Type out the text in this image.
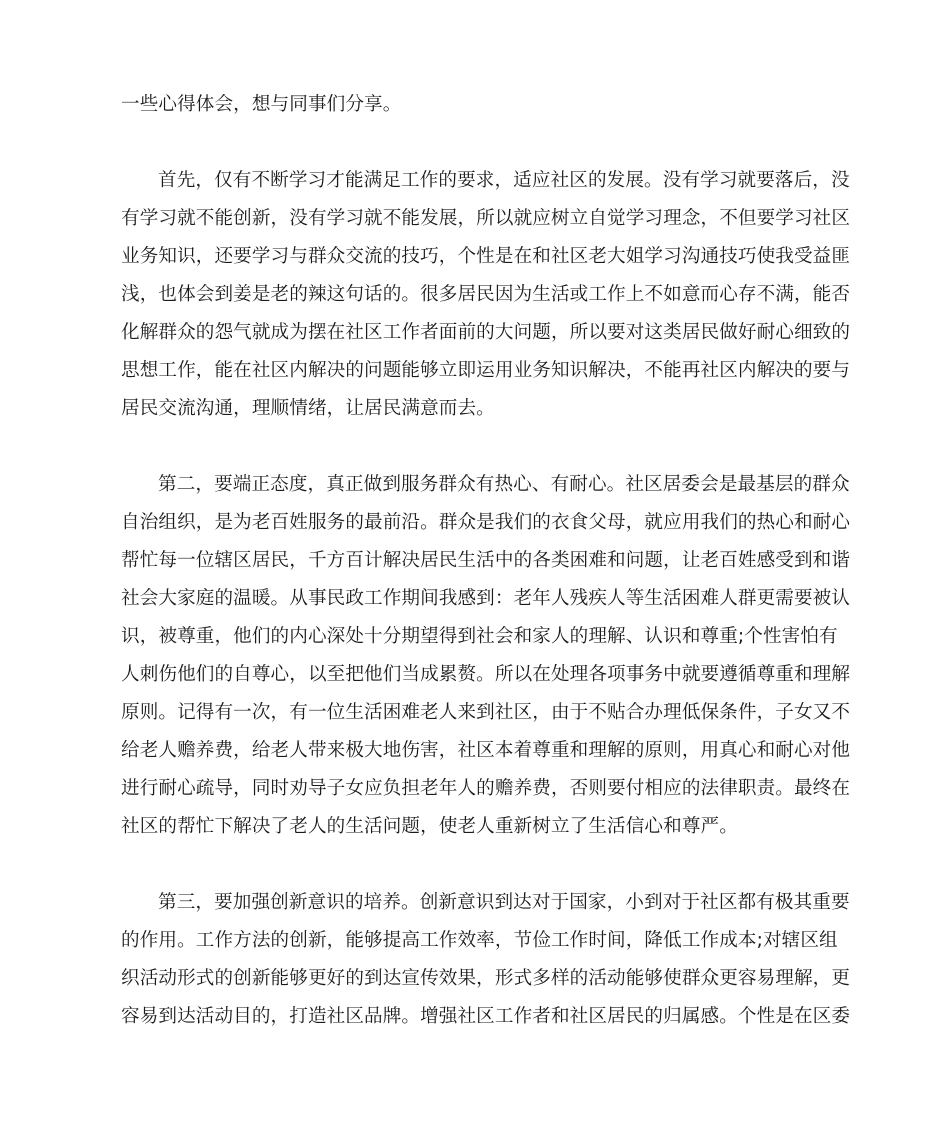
一些心得体会，想与同事们分享。
首先，仅有不断学习才能满足工作的要求，适应社区的发展。没有学习就要落后，没
有学习就不能创新，没有学习就不能发展，所以就应树立自觉学习理念，不但要学习社区
业务知识，还要学习与群众交流的技巧，个性是在和社区老大姐学习沟通技巧使我受益匪
浅，也体会到姜是老的辣这句话的。很多居民因为生活或工作上不如意而心存不满，能否
化解群众的怨气就成为摆在社区工作者面前的大问题，所以要对这类居民做好耐心细致的
思想工作，能在社区内解决的问题能够立即运用业务知识解决，不能再社区内解决的要与
居民交流沟通，理顺情绪，让居民满意而去。
第二，要端正态度，真正做到服务群众有热心、有耐心。社区居委会是最基层的群众
自治组织，是为老百姓服务的最前沿。群众是我们的衣食父母，就应用我们的热心和耐心
帮忙每一位辖区居民，千方百计解决居民生活中的各类困难和问题，让老百姓感受到和谐
社会大家庭的温暖。从事民政工作期间我感到：老年人残疾人等生活困难人群更需要被认
识，被尊重，他们的内心深处十分期望得到社会和家人的理解、认识和尊重;个性害怕有
人刺伤他们的自尊心，以至把他们当成累赘。所以在处理各项事务中就要遵循尊重和理解
原则。记得有一次，有一位生活困难老人来到社区，由于不贴合办理低保条件，子女又不
给老人赡养费，给老人带来极大地伤害，社区本着尊重和理解的原则，用真心和耐心对他
进行耐心疏导，同时劝导子女应负担老年人的赡养费，否则要付相应的法律职责。最终在
社区的帮忙下解决了老人的生活问题，使老人重新树立了生活信心和尊严。
第三，要加强创新意识的培养。创新意识到达对于国家，小到对于社区都有极其重要
的作用。工作方法的创新，能够提高工作效率，节俭工作时间，降低工作成本;对辖区组
织活动形式的创新能够更好的到达宣传效果，形式多样的活动能够使群众更容易理解，更
容易到达活动目的，打造社区品牌。增强社区工作者和社区居民的归属感。个性是在区委
